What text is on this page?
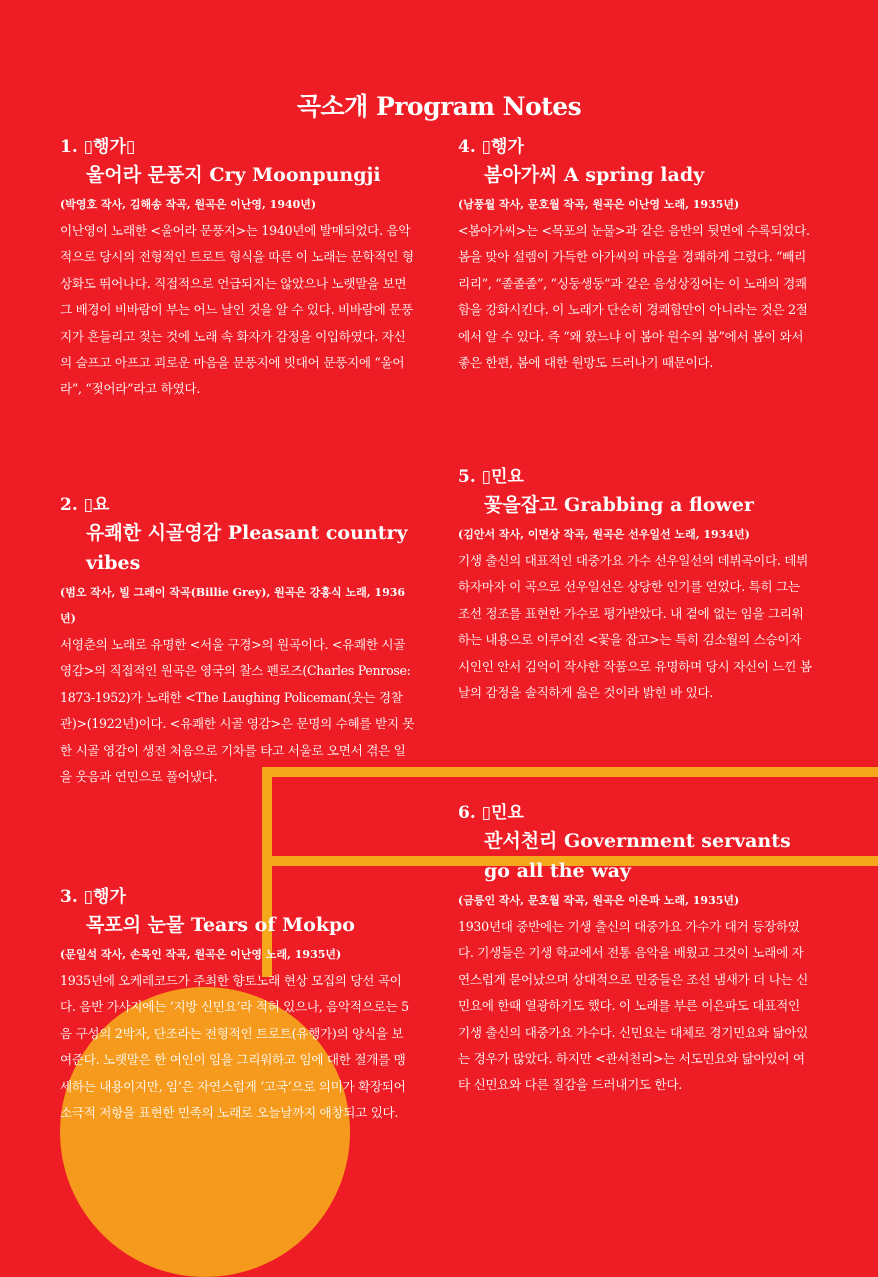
곡소개 Program Notes

1. ▯행가▯

울어라 문풍지 Cry Moonpungji

(박영호 작사, 김해송 작곡, 원곡은 이난영, 1940년)

이난영이 노래한 <울어라 문풍지>는 1940년에 발매되었다. 음악적으로 당시의 전형적인 트로트 형식을 따른 이 노래는 문학적인 형상화도 뛰어나다. 직접적으로 언급되지는 않았으나 노랫말을 보면 그 배경이 비바람이 부는 어느 날인 것을 알 수 있다. 비바람에 문풍지가 흔들리고 젖는 것에 노래 속 화자가 감정을 이입하였다. 자신의 슬프고 아프고 괴로운 마음을 문풍지에 빗대어 문풍지에 “울어라”, “젖어라”라고 하였다.

2. ▯요

유쾌한 시골영감 Pleasant country vibes

(범오 작사, 빌 그레이 작곡(Billie Grey), 원곡은 강홍식 노래, 1936년)

서영춘의 노래로 유명한 <서울 구경>의 원곡이다. <유쾌한 시골 영감>의 직접적인 원곡은 영국의 찰스 펜로즈(Charles Penrose: 1873-1952)가 노래한 <The Laughing Policeman(웃는 경찰관)>(1922년)이다. <유쾌한 시골 영감>은 문명의 수혜를 받지 못한 시골 영감이 생전 처음으로 기차를 타고 서울로 오면서 겪은 일을 웃음과 연민으로 풀어냈다.

3. ▯행가

목포의 눈물 Tears of Mokpo

(문일석 작사, 손목인 작곡, 원곡은 이난영 노래, 1935년)

1935년에 오케레코드가 주최한 향토노래 현상 모집의 당선 곡이다. 음반 가사지에는 ‘지방 신민요’라 적혀 있으나, 음악적으로는 5음 구성의 2박자, 단조라는 전형적인 트로트(유행가)의 양식을 보여준다. 노랫말은 한 여인이 임을 그리워하고 임에 대한 절개를 맹세하는 내용이지만, 임’은 자연스럽게 ‘고국’으로 의미가 확장되어 소극적 저항을 표현한 민족의 노래로 오늘날까지 애창되고 있다.

4. ▯행가

봄아가씨 A spring lady

(남풍월 작사, 문호월 작곡, 원곡은 이난영 노래, 1935년)

<봄아가씨>는 <목포의 눈물>과 같은 음반의 뒷면에 수록되었다. 봄을 맞아 설렘이 가득한 아가씨의 마음을 경쾌하게 그렸다. “빼리리리”, “졸졸졸”, “싱둥생둥”과 같은 음성상징어는 이 노래의 경쾌함을 강화시킨다. 이 노래가 단순히 경쾌함만이 아니라는 것은 2절에서 알 수 있다. 즉 “왜 왔느냐 이 봄아 원수의 봄”에서 봄이 와서 좋은 한편, 봄에 대한 원망도 드러나기 때문이다.

5. ▯민요

꽃을잡고 Grabbing a flower

(김안서 작사, 이면상 작곡, 원곡은 선우일선 노래, 1934년)

기생 출신의 대표적인 대중가요 가수 선우일선의 데뷔곡이다. 데뷔하자마자 이 곡으로 선우일선은 상당한 인기를 얻었다. 특히 그는 조선 정조를 표현한 가수로 평가받았다. 내 곁에 없는 임을 그리워하는 내용으로 이루어진 <꽃을 잡고>는 특히 김소월의 스승이자 시인인 안서 김억이 작사한 작품으로 유명하며 당시 자신이 느낀 봄날의 감정을 솔직하게 읊은 것이라 밝힌 바 있다.

6. ▯민요

관서천리 Government servants go all the way

(금릉인 작사, 문호월 작곡, 원곡은 이은파 노래, 1935년)

1930년대 중반에는 기생 출신의 대중가요 가수가 대거 등장하였다. 기생들은 기생 학교에서 전통 음악을 배웠고 그것이 노래에 자연스럽게 묻어났으며 상대적으로 민중들은 조선 냄새가 더 나는 신민요에 한때 열광하기도 했다. 이 노래를 부른 이은파도 대표적인 기생 출신의 대중가요 가수다. 신민요는 대체로 경기민요와 닮아있는 경우가 많았다. 하지만 <관서천리>는 서도민요와 닮아있어 여타 신민요와 다른 질감을 드러내기도 한다.
